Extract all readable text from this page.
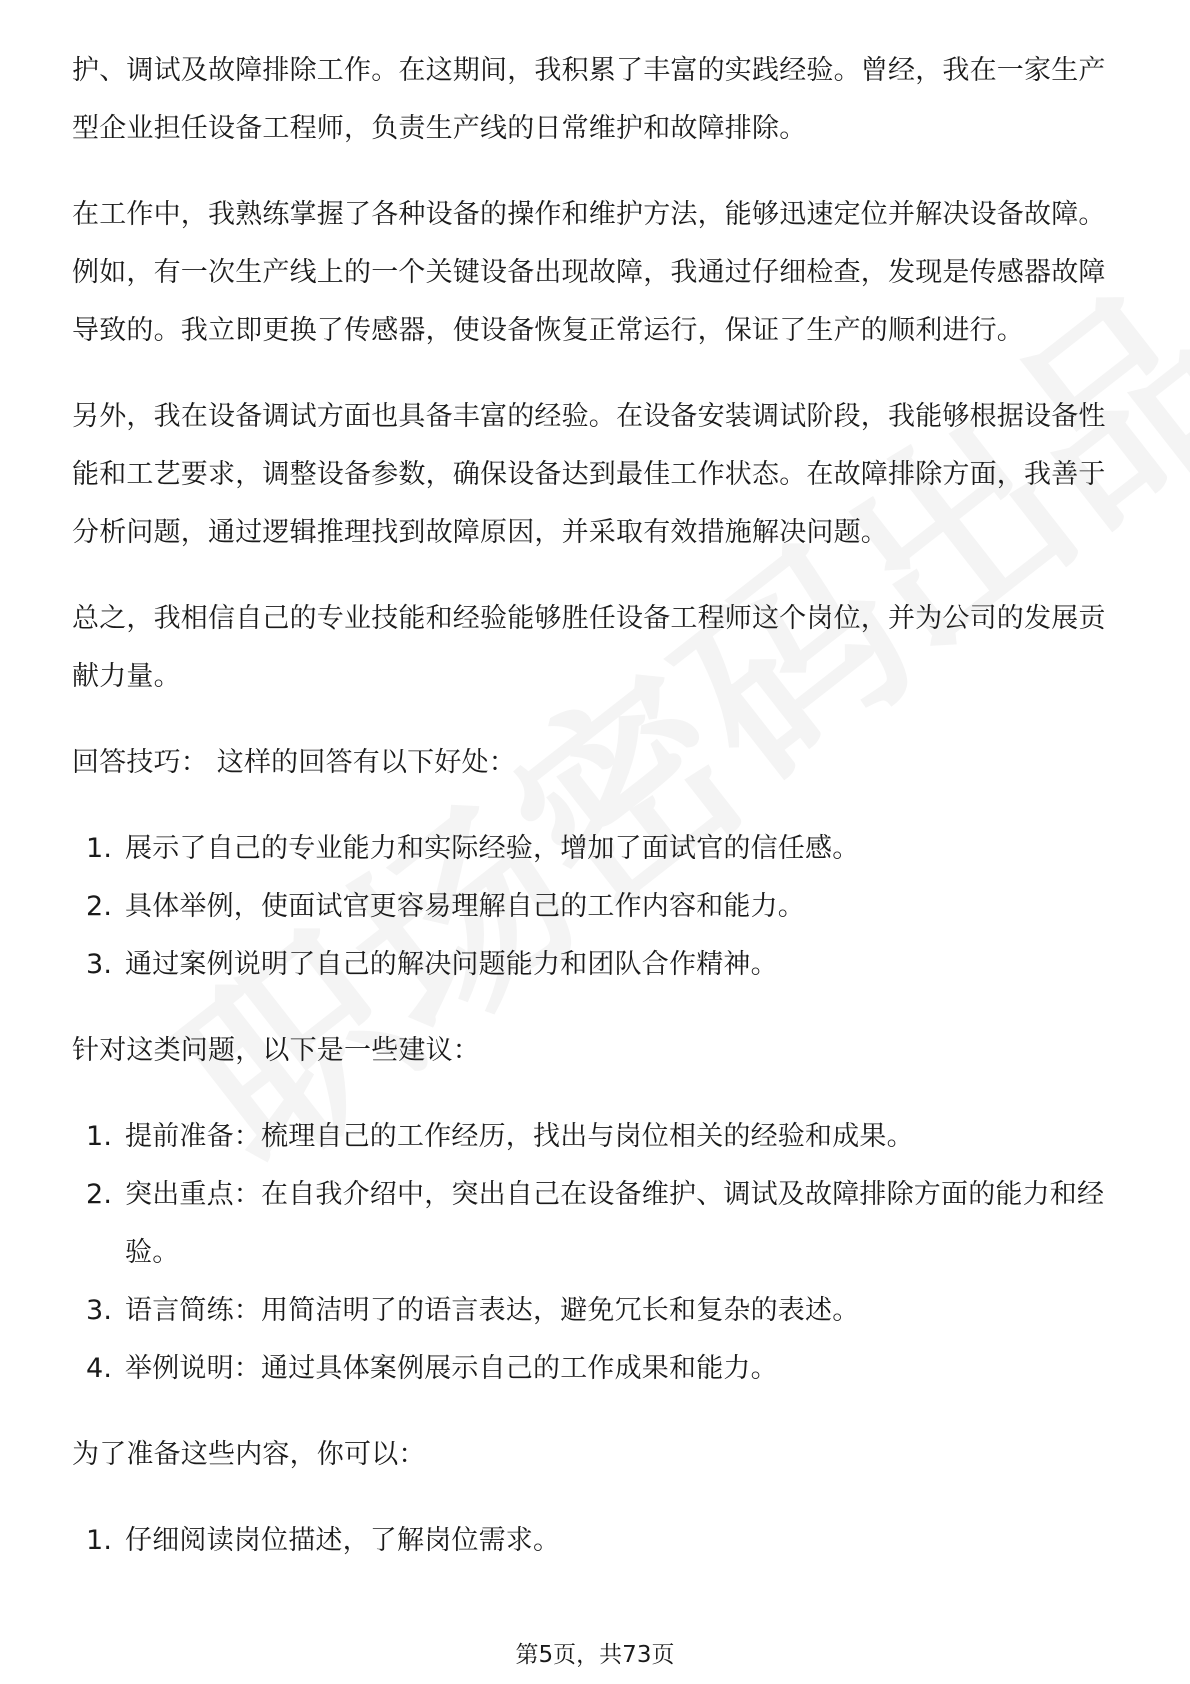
护、调试及故障排除工作。在这期间，我积累了丰富的实践经验。曾经，我在一家生产型企业担任设备工程师，负责生产线的日常维护和故障排除。

在工作中，我熟练掌握了各种设备的操作和维护方法，能够迅速定位并解决设备故障。例如，有一次生产线上的一个关键设备出现故障，我通过仔细检查，发现是传感器故障导致的。我立即更换了传感器，使设备恢复正常运行，保证了生产的顺利进行。

另外，我在设备调试方面也具备丰富的经验。在设备安装调试阶段，我能够根据设备性能和工艺要求，调整设备参数，确保设备达到最佳工作状态。在故障排除方面，我善于分析问题，通过逻辑推理找到故障原因，并采取有效措施解决问题。

总之，我相信自己的专业技能和经验能够胜任设备工程师这个岗位，并为公司的发展贡献力量。

回答技巧： 这样的回答有以下好处：

1. 展示了自己的专业能力和实际经验，增加了面试官的信任感。
2. 具体举例，使面试官更容易理解自己的工作内容和能力。
3. 通过案例说明了自己的解决问题能力和团队合作精神。

针对这类问题，以下是一些建议：

1. 提前准备：梳理自己的工作经历，找出与岗位相关的经验和成果。
2. 突出重点：在自我介绍中，突出自己在设备维护、调试及故障排除方面的能力和经验。
3. 语言简练：用简洁明了的语言表达，避免冗长和复杂的表述。
4. 举例说明：通过具体案例展示自己的工作成果和能力。

为了准备这些内容，你可以：

1. 仔细阅读岗位描述，了解岗位需求。
第5页，共73页
